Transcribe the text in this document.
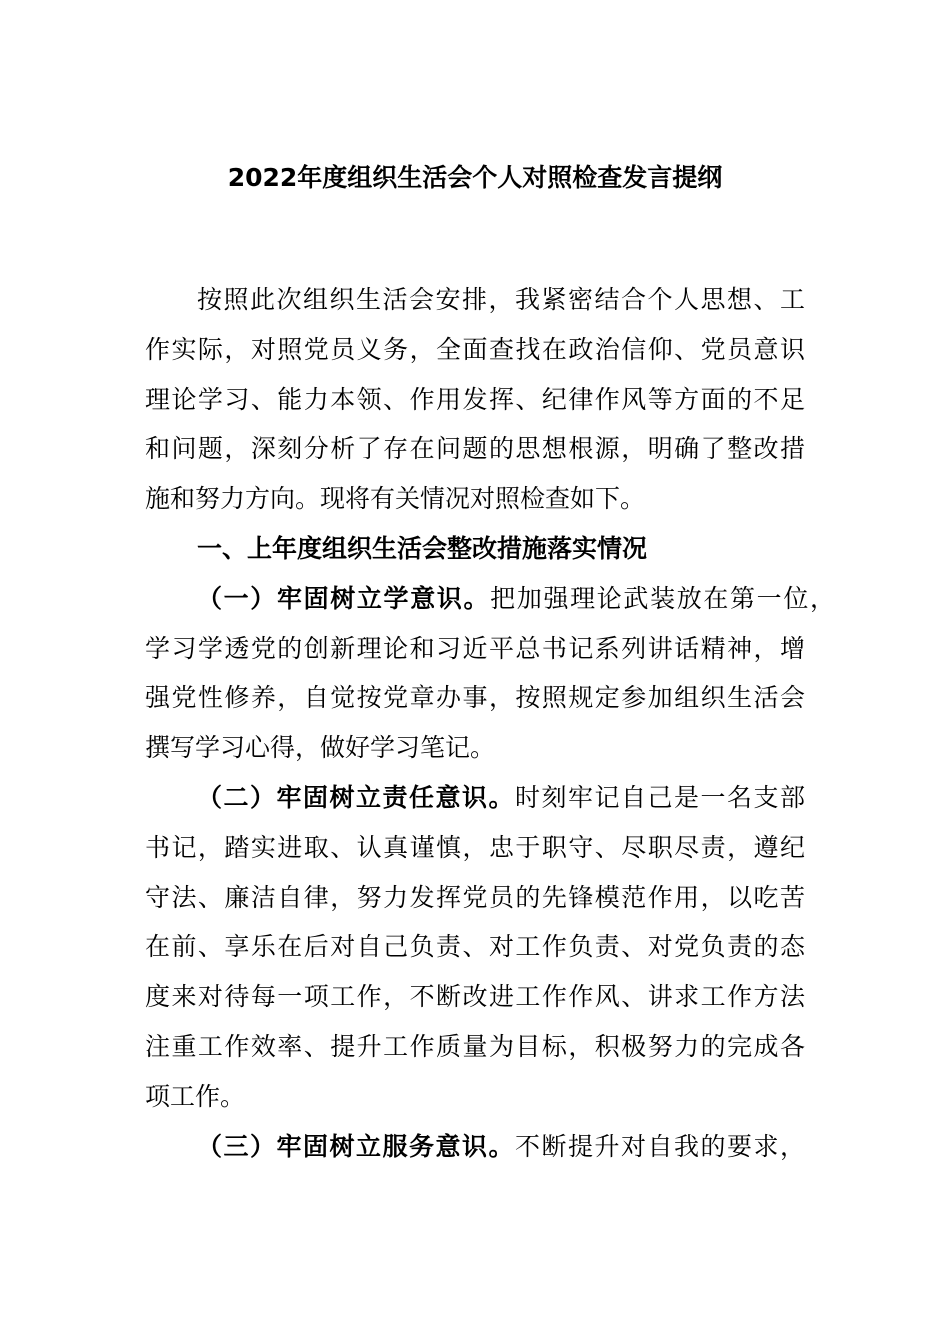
2022年度组织生活会个人对照检查发言提纲
按照此次组织生活会安排，我紧密结合个人思想、工
作实际，对照党员义务，全面查找在政治信仰、党员意识
理论学习、能力本领、作用发挥、纪律作风等方面的不足
和问题，深刻分析了存在问题的思想根源，明确了整改措
施和努力方向。现将有关情况对照检查如下。
一、上年度组织生活会整改措施落实情况
（一）牢固树立学意识。把加强理论武装放在第一位，
学习学透党的创新理论和习近平总书记系列讲话精神，增
强党性修养，自觉按党章办事，按照规定参加组织生活会
撰写学习心得，做好学习笔记。
（二）牢固树立责任意识。时刻牢记自己是一名支部
书记，踏实进取、认真谨慎，忠于职守、尽职尽责，遵纪
守法、廉洁自律，努力发挥党员的先锋模范作用，以吃苦
在前、享乐在后对自己负责、对工作负责、对党负责的态
度来对待每一项工作，不断改进工作作风、讲求工作方法
注重工作效率、提升工作质量为目标，积极努力的完成各
项工作。
（三）牢固树立服务意识。不断提升对自我的要求，
